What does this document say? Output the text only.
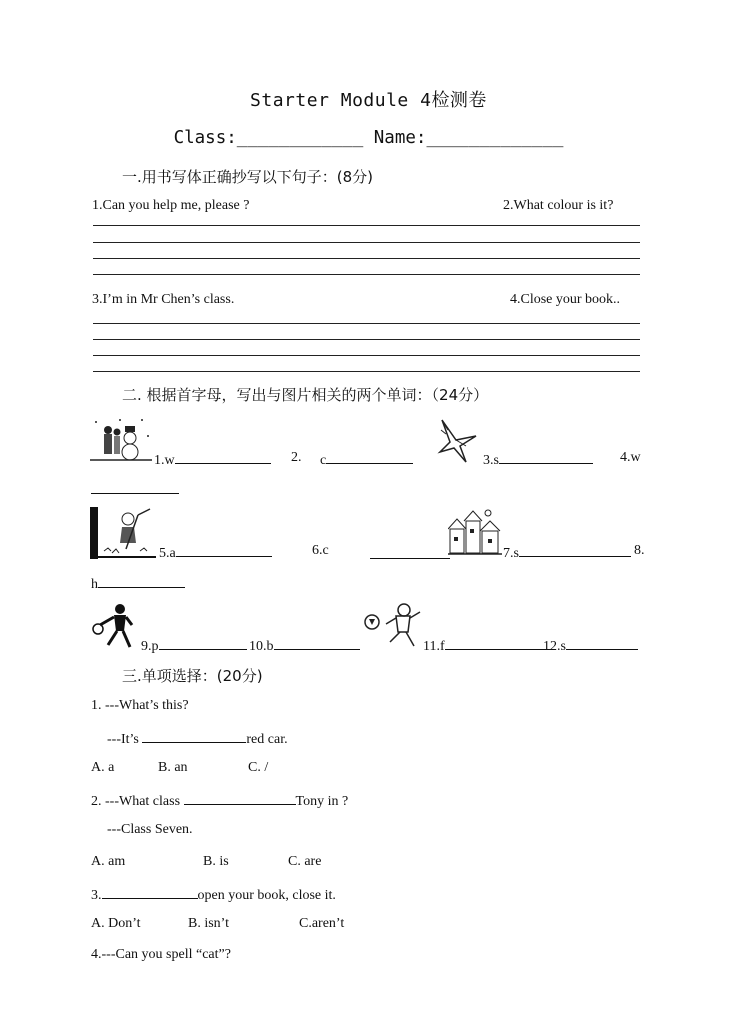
Starter Module 4检测卷
Class:____________ Name:_____________
一.用书写体正确抄写以下句子：(8分)
1.Can you help me, please ?	2.What colour is it?
3.I’m in Mr Chen’s class.	4.Close your book..
二. 根据首字母，写出与图片相关的两个单词：（24分）
1.w	2. c	3.s	4.w
5.a	6.c	7.s	8.
h
9.p	10.b	11.f	12.s
三.单项选择：(20分)
1. ---What’s this?
---It’s	red car.
A. a	B. an	C. /
2. ---What class	Tony in ?
---Class Seven.
A. am	B. is	C. are
3.	open your book, close it.
A. Don’t	B. isn’t	C.aren’t
4.---Can you spell “cat”?
